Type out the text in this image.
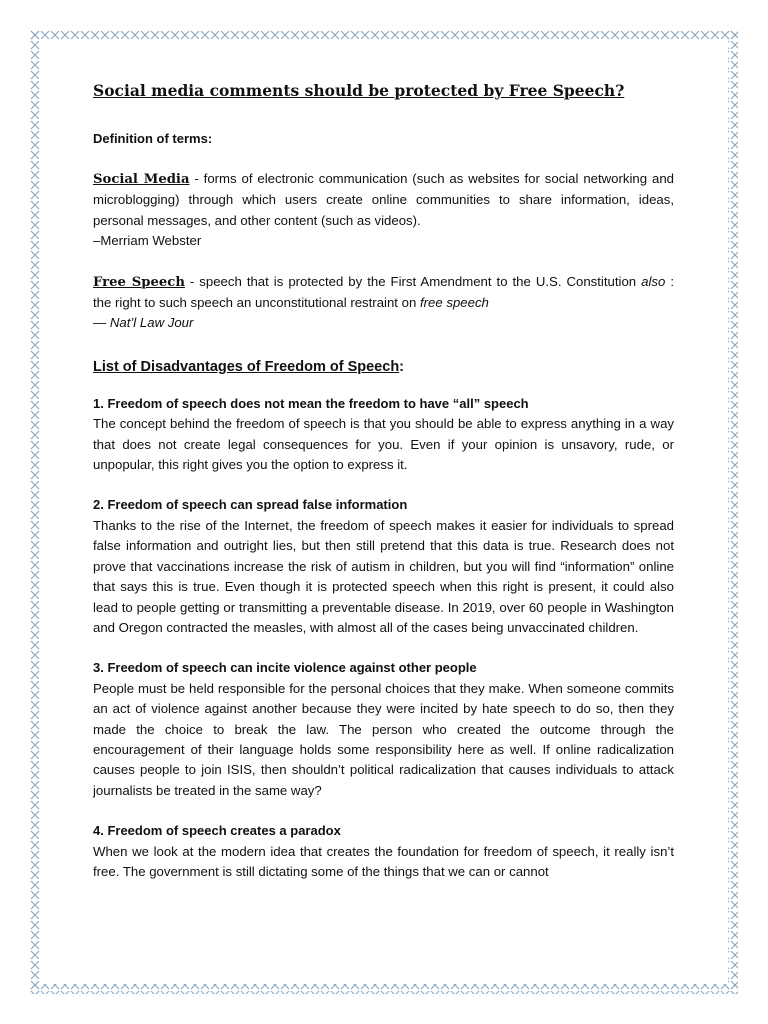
Social media comments should be protected by Free Speech?
Definition of terms:

Social Media - forms of electronic communication (such as websites for social networking and microblogging) through which users create online communities to share information, ideas, personal messages, and other content (such as videos).
–Merriam Webster

Free Speech - speech that is protected by the First Amendment to the U.S. Constitution also : the right to such speech an unconstitutional restraint on free speech
— Nat’l Law Jour

List of Disadvantages of Freedom of Speech:
1. Freedom of speech does not mean the freedom to have “all” speech

The concept behind the freedom of speech is that you should be able to express anything in a way that does not create legal consequences for you. Even if your opinion is unsavory, rude, or unpopular, this right gives you the option to express it.

2. Freedom of speech can spread false information

Thanks to the rise of the Internet, the freedom of speech makes it easier for individuals to spread false information and outright lies, but then still pretend that this data is true. Research does not prove that vaccinations increase the risk of autism in children, but you will find “information” online that says this is true. Even though it is protected speech when this right is present, it could also lead to people getting or transmitting a preventable disease. In 2019, over 60 people in Washington and Oregon contracted the measles, with almost all of the cases being unvaccinated children.

3. Freedom of speech can incite violence against other people

People must be held responsible for the personal choices that they make. When someone commits an act of violence against another because they were incited by hate speech to do so, then they made the choice to break the law. The person who created the outcome through the encouragement of their language holds some responsibility here as well. If online radicalization causes people to join ISIS, then shouldn’t political radicalization that causes individuals to attack journalists be treated in the same way?

4. Freedom of speech creates a paradox

When we look at the modern idea that creates the foundation for freedom of speech, it really isn’t free. The government is still dictating some of the things that we can or cannot
